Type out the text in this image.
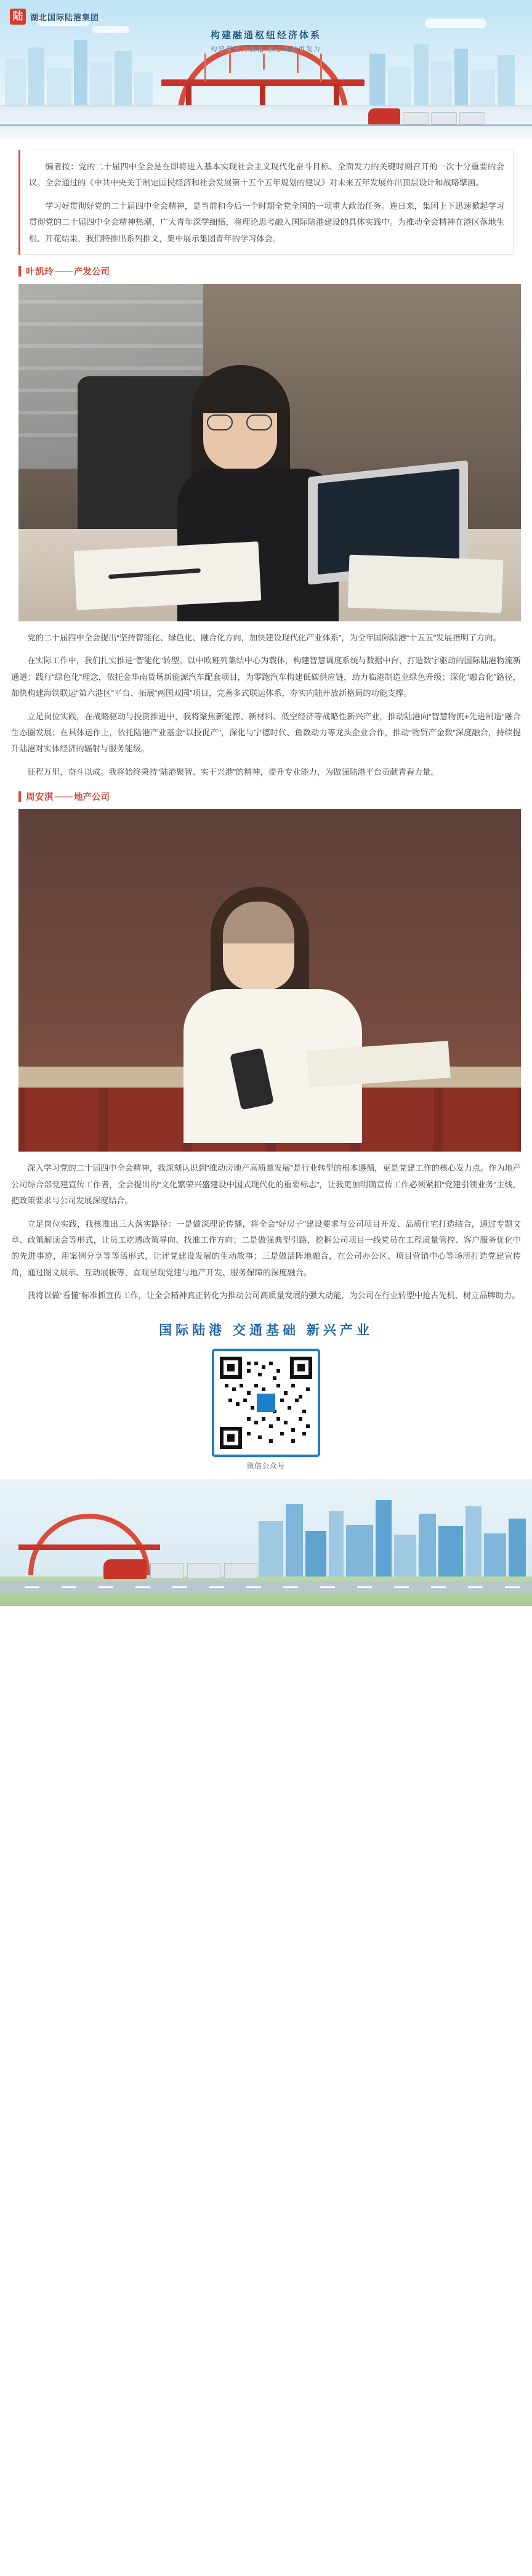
陆 湖北国际陆港集团
构建融通枢纽经济体系
构建新型开放化 核心动脉再发力

编者按：党的二十届四中全会是在即将进入基本实现社会主义现代化奋斗目标、全面发力的关键时期召开的一次十分重要的会议。全会通过的《中共中央关于制定国民经济和社会发展第十五个五年规划的建议》对未来五年发展作出顶层设计和战略擘画。

学习好贯彻好党的二十届四中全会精神，是当前和今后一个时期全党全国的一项重大政治任务。连日来，集团上下迅速掀起学习贯彻党的二十届四中全会精神热潮，广大青年深学细悟，将理论思考融入国际陆港建设的具体实践中。为推动全会精神在港区落地生根、开花结果，我们特推出系列推文，集中展示集团青年的学习体会。

叶凯玲 —— 产发公司

党的二十届四中全会提出“坚持智能化、绿色化、融合化方向，加快建设现代化产业体系”，为全年国际陆港“十五五”发展指明了方向。

在实际工作中，我们扎实推进“智能化”转型。以中欧班列集结中心为载体，构建智慧调度系统与数据中台，打造数字驱动的国际陆港物流新通道；践行“绿色化”理念，依托金华南货场新能源汽车配套项目，为零跑汽车构建低碳供应链，助力临港制造业绿色升级；深化“融合化”路径，加快构建海铁联运“第六港区”平台、拓展“两国双园”项目，完善多式联运体系，夯实内陆开放新格局的功能支撑。

立足岗位实践，在战略驱动与投资推进中，我将聚焦新能源、新材料、低空经济等战略性新兴产业，推动陆港向“智慧物流+先进制造”融合生态圈发展；在具体运作上，依托陆港产业基金“以投促产”，深化与宁德时代、鱼数动力等龙头企业合作，推动“物贸产金数”深度融合，持续提升陆港对实体经济的辐射与服务能级。

征程万里，奋斗以成。我将始终秉持“陆港聚智、实干兴港”的精神，提升专业能力，为做强陆港平台贡献青春力量。

周安淇 —— 地产公司

深入学习党的二十届四中全会精神，我深刻认识到“推动房地产高质量发展”是行业转型的根本遵循，更是党建工作的核心发力点。作为地产公司综合部党建宣传工作者，全会提出的“文化繁荣兴盛建设中国式现代化的重要标志”，让我更加明确宣传工作必须紧扣“党建引领业务”主线，把政策要求与公司发展深度结合。

立足岗位实践，我核准出三大落实路径：一是做深理论传播，将全会“好房子”建设要求与公司项目开发、品质住宅打造结合，通过专题文章、政策解读会等形式，让员工吃透政策导向、找准工作方向；二是做强典型引路，挖掘公司项目一线党员在工程质量管控、客户服务优化中的先进事迹，用案例分享等等活形式，让评党建设发展的生动故事；三是做活阵地融合，在公司办公区、项目营销中心等场所打造党建宣传角，通过图文展示、互动展板等，直观呈现党建与地产开发、服务保障的深度融合。

我将以做“看懂”标准抓宣传工作，让全会精神真正转化为推动公司高质量发展的强大动能，为公司在行业转型中抢占先机、树立品牌助力。

国际陆港 交通基础 新兴产业
微信公众号
